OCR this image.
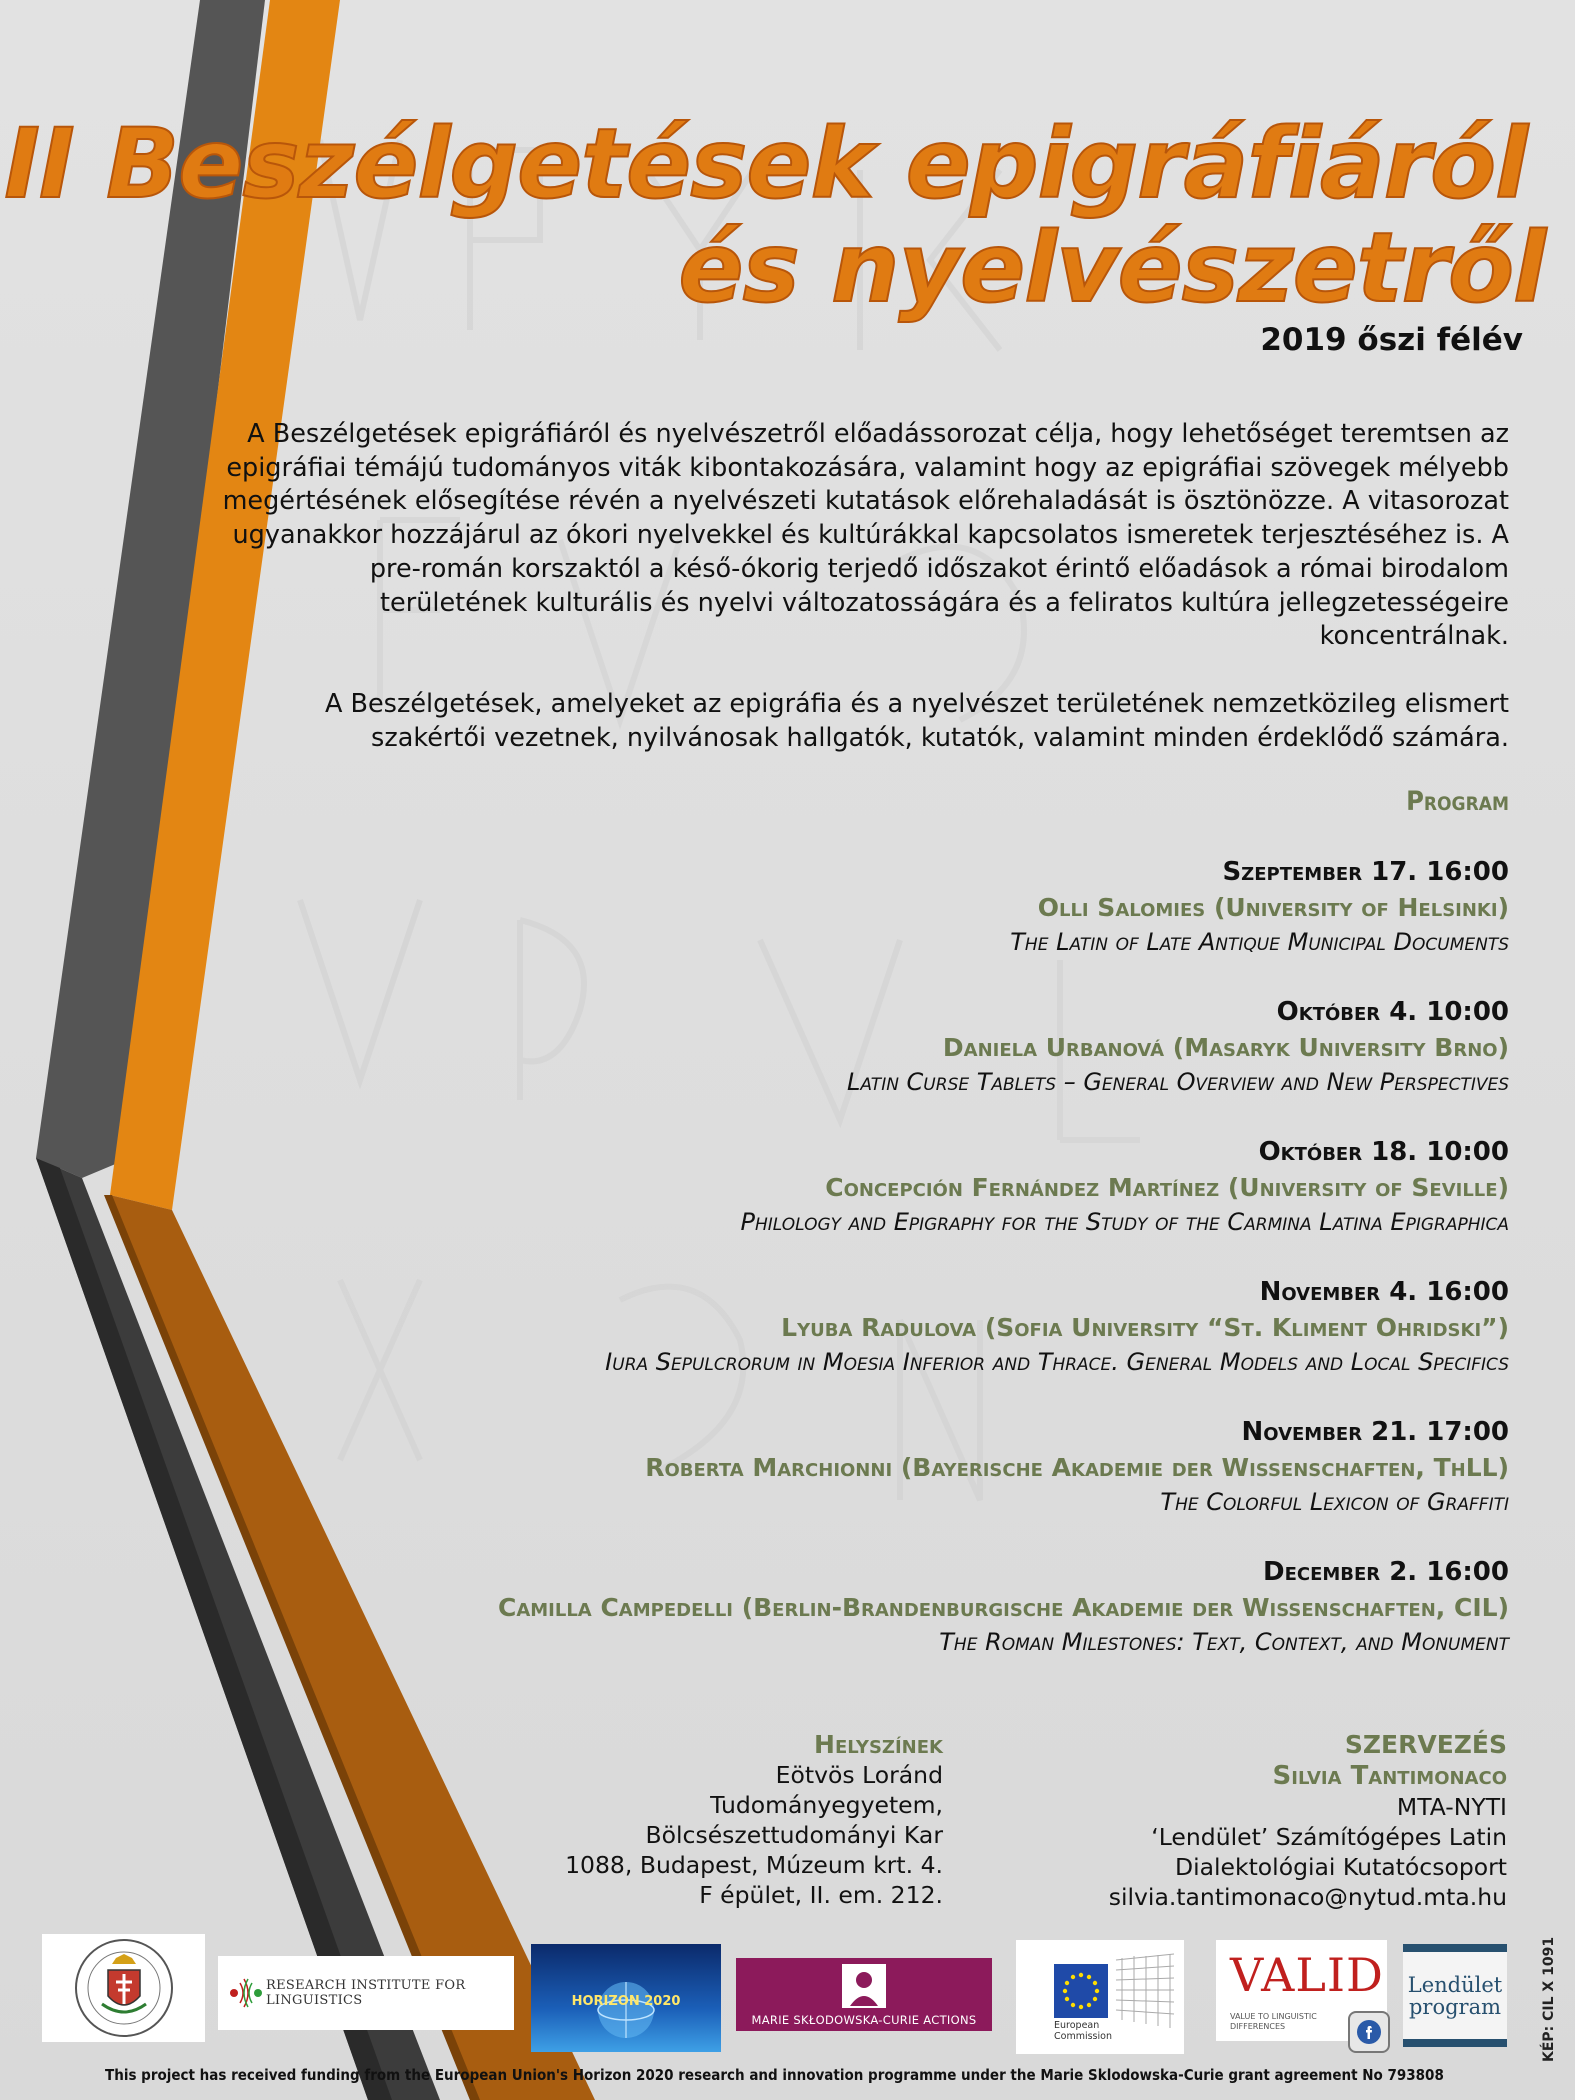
II Beszélgetések epigráfiáról
és nyelvészetről
2019 őszi félév
A Beszélgetések epigráfiáról és nyelvészetről előadássorozat célja, hogy lehetőséget teremtsen az epigráfiai témájú tudományos viták kibontakozására, valamint hogy az epigráfiai szövegek mélyebb megértésének elősegítése révén a nyelvészeti kutatások előrehaladását is ösztönözze. A vitasorozat ugyanakkor hozzájárul az ókori nyelvekkel és kultúrákkal kapcsolatos ismeretek terjesztéséhez is. A pre-román korszaktól a késő-ókorig terjedő időszakot érintő előadások a római birodalom területének kulturális és nyelvi változatosságára és a feliratos kultúra jellegzetességeire koncentrálnak.
A Beszélgetések, amelyeket az epigráfia és a nyelvészet területének nemzetközileg elismert szakértői vezetnek, nyilvánosak hallgatók, kutatók, valamint minden érdeklődő számára.
Program
Szeptember 17. 16:00
Olli Salomies (University of Helsinki)
The Latin of Late Antique Municipal Documents
Október 4. 10:00
Daniela Urbanová (Masaryk University Brno)
Latin Curse Tablets – General Overview and New Perspectives
Október 18. 10:00
Concepción Fernández Martínez (University of Seville)
Philology and Epigraphy for the Study of the Carmina Latina Epigraphica
November 4. 16:00
Lyuba Radulova (Sofia University “St. Kliment Ohridski”)
Iura Sepulcrorum in Moesia Inferior and Thrace. General Models and Local Specifics
November 21. 17:00
Roberta Marchionni (Bayerische Akademie der Wissenschaften, ThLL)
The Colorful Lexicon of Graffiti
December 2. 16:00
Camilla Campedelli (Berlin-Brandenburgische Akademie der Wissenschaften, CIL)
The Roman Milestones: Text, Context, and Monument
Helyszínek
Eötvös Loránd
Tudományegyetem,
Bölcsészettudományi Kar
1088, Budapest, Múzeum krt. 4.
F épület, II. em. 212.
SZERVEZÉS
Silvia Tantimonaco
MTA-NYTI
‘Lendület’ Számítógépes Latin
Dialektológiai Kutatócsoport
silvia.tantimonaco@nytud.mta.hu
RESEARCH INSTITUTE FOR LINGUISTICS	HORIZON 2020
MARIE SKŁODOWSKA-CURIE ACTIONS	European
Commission
VALID
VALUE TO LINGUISTIC DIFFERENCES
Lendület
program
This project has received funding from the European Union's Horizon 2020 research and innovation programme under the Marie Sklodowska-Curie grant agreement No 793808
KÉP: CIL X 1091
